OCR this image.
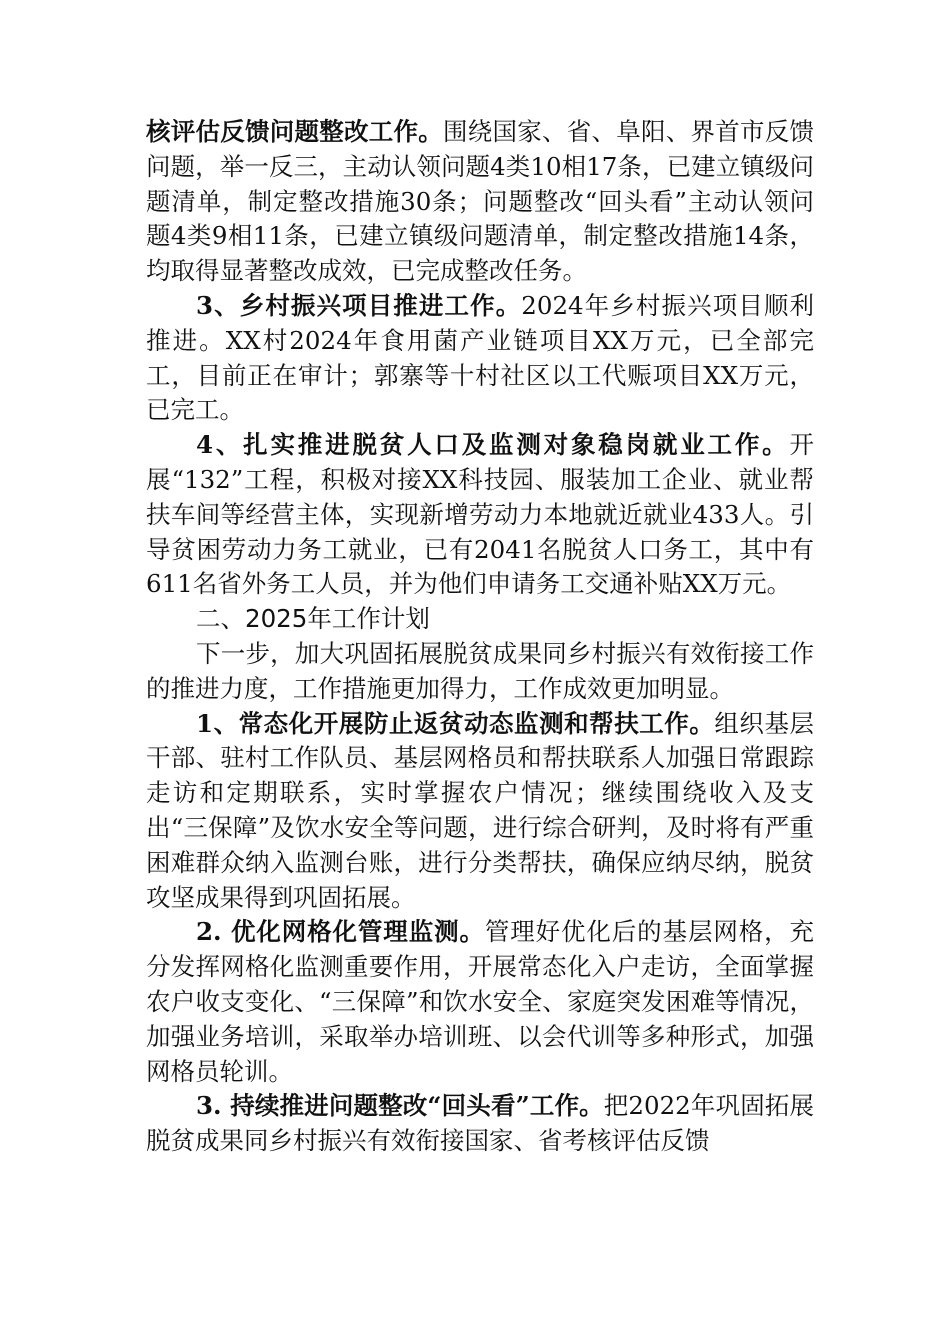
核评估反馈问题整改工作。围绕国家、省、阜阳、界首市反馈问题，举一反三，主动认领问题4类10相17条，已建立镇级问题清单，制定整改措施30条；问题整改“回头看”主动认领问题4类9相11条，已建立镇级问题清单，制定整改措施14条，均取得显著整改成效，已完成整改任务。

3、乡村振兴项目推进工作。2024年乡村振兴项目顺利推进。XX村2024年食用菌产业链项目XX万元，已全部完工，目前正在审计；郭寨等十村社区以工代赈项目XX万元，已完工。

4、扎实推进脱贫人口及监测对象稳岗就业工作。开展“132”工程，积极对接XX科技园、服装加工企业、就业帮扶车间等经营主体，实现新增劳动力本地就近就业433人。引导贫困劳动力务工就业，已有2041名脱贫人口务工，其中有611名省外务工人员，并为他们申请务工交通补贴XX万元。

二、2025年工作计划

下一步，加大巩固拓展脱贫成果同乡村振兴有效衔接工作的推进力度，工作措施更加得力，工作成效更加明显。

1、常态化开展防止返贫动态监测和帮扶工作。组织基层干部、驻村工作队员、基层网格员和帮扶联系人加强日常跟踪走访和定期联系，实时掌握农户情况；继续围绕收入及支出“三保障”及饮水安全等问题，进行综合研判，及时将有严重困难群众纳入监测台账，进行分类帮扶，确保应纳尽纳，脱贫攻坚成果得到巩固拓展。

2. 优化网格化管理监测。管理好优化后的基层网格，充分发挥网格化监测重要作用，开展常态化入户走访，全面掌握农户收支变化、“三保障”和饮水安全、家庭突发困难等情况，加强业务培训，采取举办培训班、以会代训等多种形式，加强网格员轮训。

3. 持续推进问题整改“回头看”工作。把2022年巩固拓展脱贫成果同乡村振兴有效衔接国家、省考核评估反馈
